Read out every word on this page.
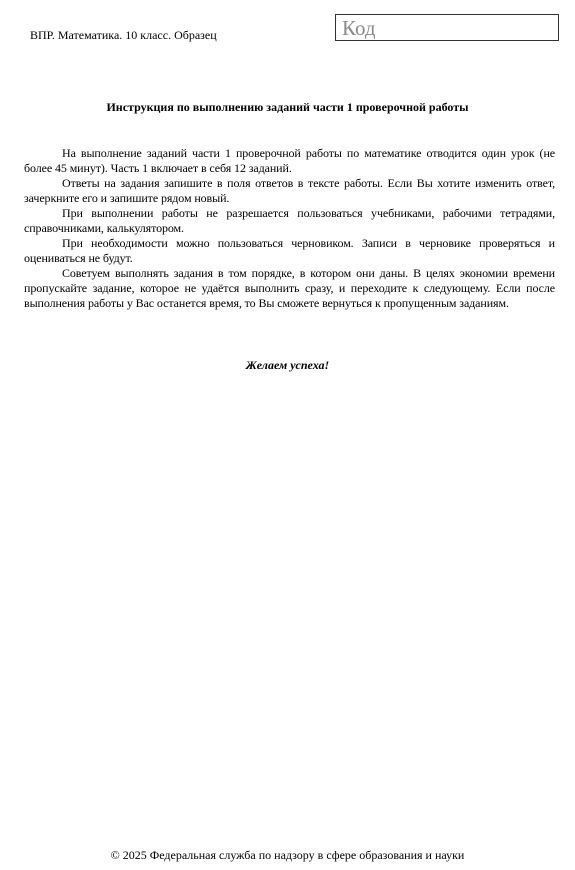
ВПР. Математика. 10 класс. Образец	Код
Инструкция по выполнению заданий части 1 проверочной работы

На выполнение заданий части 1 проверочной работы по математике отводится один урок (не более 45 минут). Часть 1 включает в себя 12 заданий.

Ответы на задания запишите в поля ответов в тексте работы. Если Вы хотите изменить ответ, зачеркните его и запишите рядом новый.

При выполнении работы не разрешается пользоваться учебниками, рабочими тетрадями, справочниками, калькулятором.

При необходимости можно пользоваться черновиком. Записи в черновике проверяться и оцениваться не будут.

Советуем выполнять задания в том порядке, в котором они даны. В целях экономии времени пропускайте задание, которое не удаётся выполнить сразу, и переходите к следующему. Если после выполнения работы у Вас останется время, то Вы сможете вернуться к пропущенным заданиям.

Желаем успеха!
© 2025 Федеральная служба по надзору в сфере образования и науки
